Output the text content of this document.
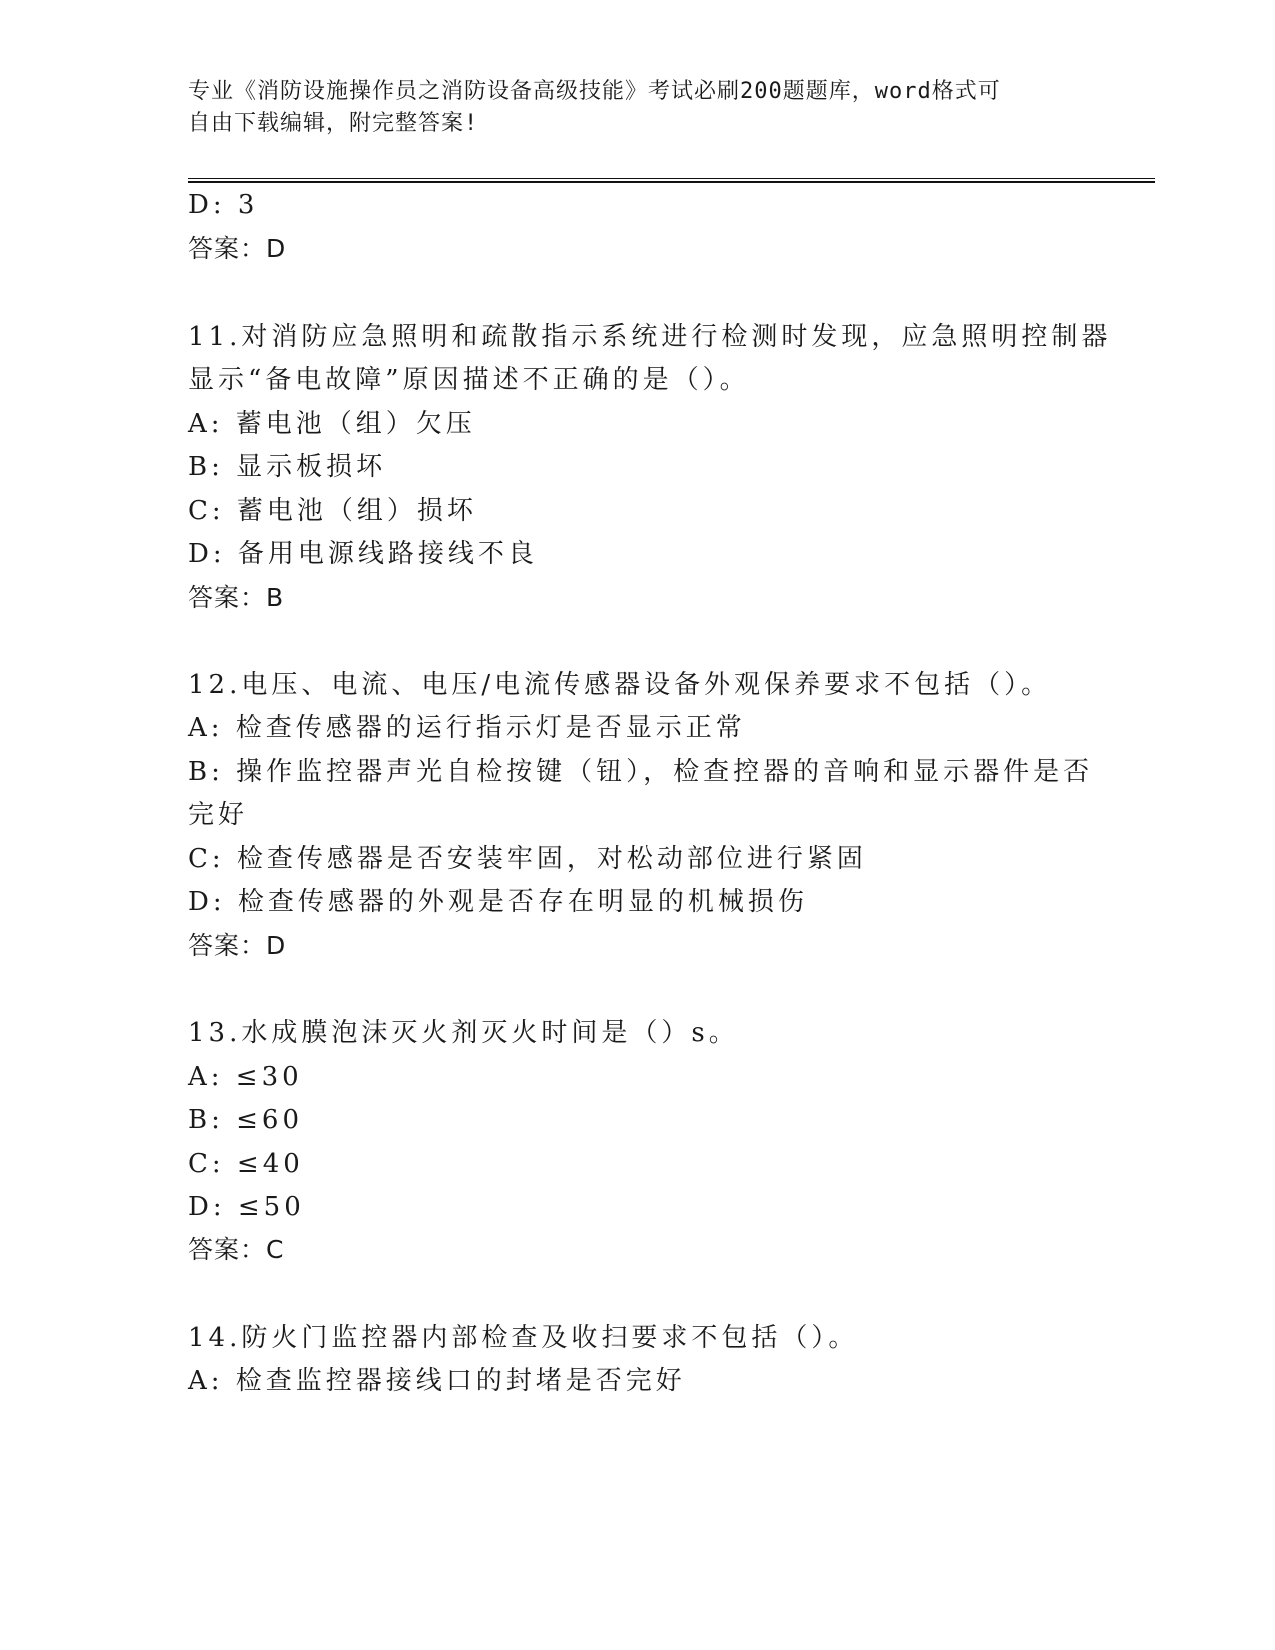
专业《消防设施操作员之消防设备高级技能》考试必刷200题题库，word格式可
自由下载编辑，附完整答案!
D: 3
答案：D
11.对消防应急照明和疏散指示系统进行检测时发现，应急照明控制器
显示“备电故障”原因描述不正确的是（）。
A: 蓄电池（组）欠压
B: 显示板损坏
C: 蓄电池（组）损坏
D: 备用电源线路接线不良
答案：B
12.电压、电流、电压/电流传感器设备外观保养要求不包括（）。
A: 检查传感器的运行指示灯是否显示正常
B: 操作监控器声光自检按键（钮），检查控器的音响和显示器件是否
完好
C: 检查传感器是否安装牢固，对松动部位进行紧固
D: 检查传感器的外观是否存在明显的机械损伤
答案：D
13.水成膜泡沫灭火剂灭火时间是（）s。
A: ≤30
B: ≤60
C: ≤40
D: ≤50
答案：C
14.防火门监控器内部检查及收扫要求不包括（）。
A: 检查监控器接线口的封堵是否完好
